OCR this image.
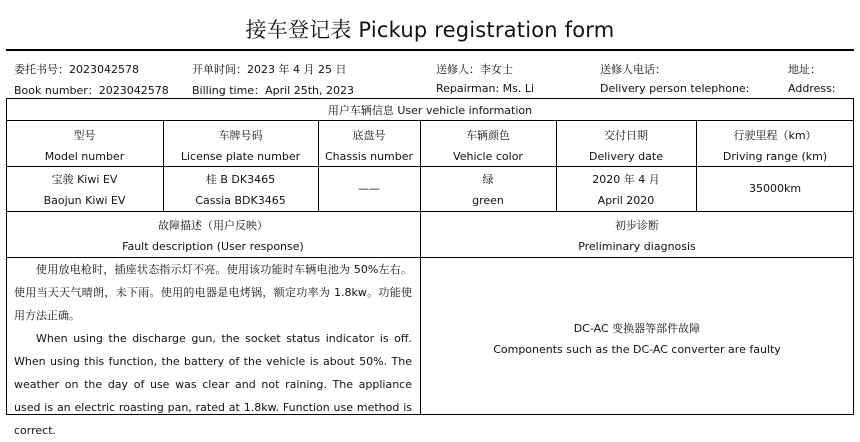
接车登记表 Pickup registration form
委托书号：2023042578
Book number：2023042578
开单时间：2023 年 4 月 25 日
Billing time：April 25th, 2023
送修人：李女士
Repairman: Ms. Li
送修人电话：
Delivery person telephone:
地址：
Address:
用户车辆信息 User vehicle information
型号
Model number
车牌号码
License plate number
底盘号
Chassis number
车辆颜色
Vehicle color
交付日期
Delivery date
行驶里程（km）
Driving range (km)
宝骏 Kiwi EV
Baojun Kiwi EV
桂 B DK3465
Cassia BDK3465
——
绿
green
2020 年 4 月
April 2020
35000km
故障描述（用户反映）
Fault description (User response)
初步诊断
Preliminary diagnosis

使用放电枪时，插座状态指示灯不亮。使用该功能时车辆电池为 50%左右。使用当天天气晴朗，未下雨。使用的电器是电烤锅，额定功率为 1.8kw。功能使用方法正确。

When using the discharge gun, the socket status indicator is off. When using this function, the battery of the vehicle is about 50%. The weather on the day of use was clear and not raining. The appliance used is an electric roasting pan, rated at 1.8kw. Function use method is correct.

DC-AC 变换器等部件故障
Components such as the DC-AC converter are faulty
